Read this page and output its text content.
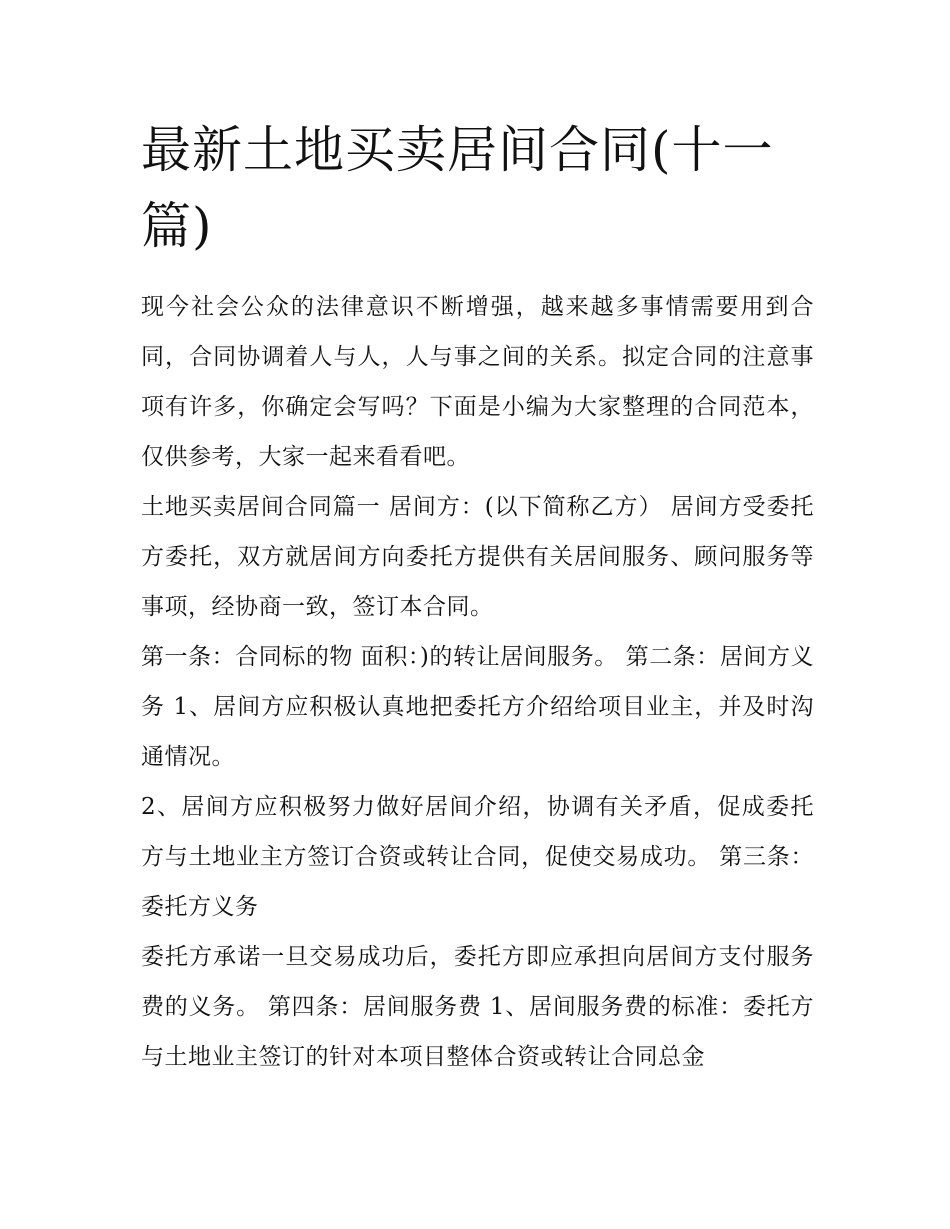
最新土地买卖居间合同(十一篇)

现今社会公众的法律意识不断增强，越来越多事情需要用到合同，合同协调着人与人，人与事之间的关系。拟定合同的注意事项有许多，你确定会写吗？下面是小编为大家整理的合同范本，仅供参考，大家一起来看看吧。

土地买卖居间合同篇一 居间方：(以下简称乙方） 居间方受委托方委托，双方就居间方向委托方提供有关居间服务、顾问服务等事项，经协商一致，签订本合同。

第一条：合同标的物 面积：)的转让居间服务。 第二条：居间方义务 1、居间方应积极认真地把委托方介绍给项目业主，并及时沟通情况。

2、居间方应积极努力做好居间介绍，协调有关矛盾，促成委托方与土地业主方签订合资或转让合同，促使交易成功。 第三条：委托方义务

委托方承诺一旦交易成功后，委托方即应承担向居间方支付服务费的义务。 第四条：居间服务费 1、居间服务费的标准：委托方与土地业主签订的针对本项目整体合资或转让合同总金
